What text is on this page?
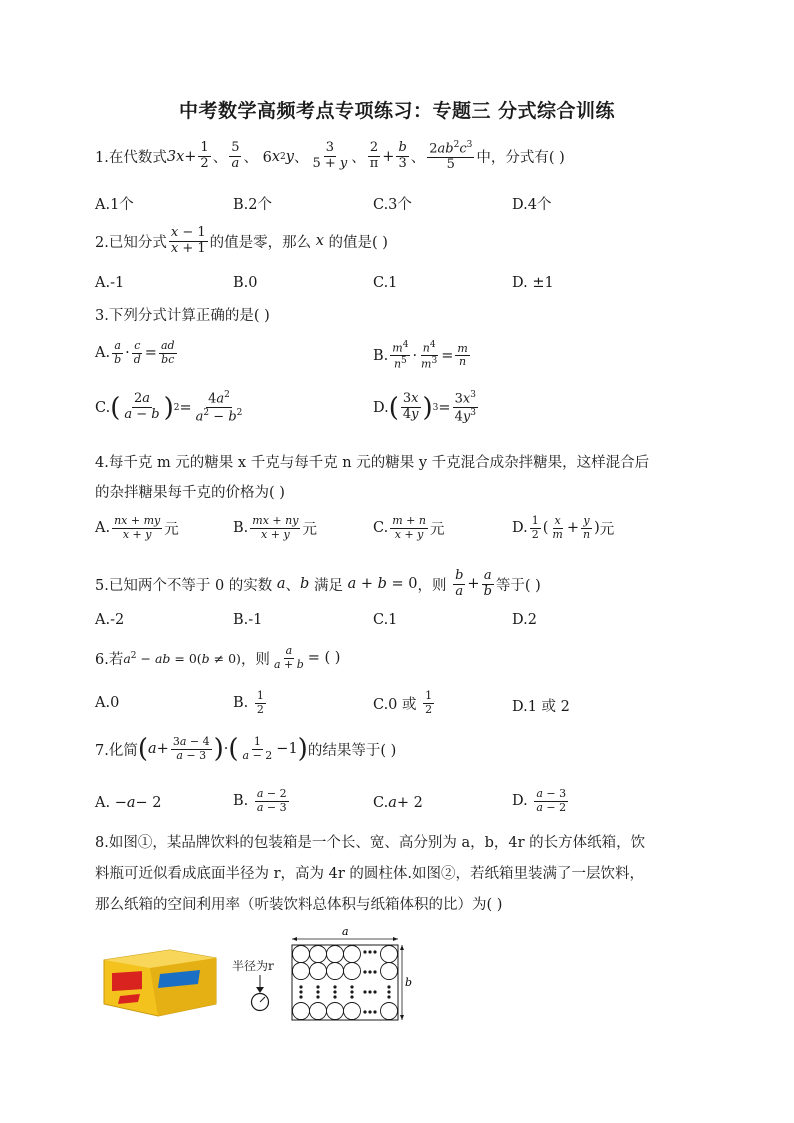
中考数学高频考点专项练习：专题三 分式综合训练
1.在代数式 $3x + \frac{1}{2}$ 、 $\frac{5}{a}$ 、 6 x 2 y 、 $\frac{3}{5 + y}$ 、 $\frac{2}{\pi} + \frac{b}{3}$ 、 $\frac{2ab^2c^3}{5}$ 中，分式有( )
A.1个	B.2个	C.3个	D.4个
2.已知分式 $\frac{x - 1}{x + 1}$ 的值是零，那么
x
的值是( )
A.-1	B.0	C.1	D. ±1
3.下列分式计算正确的是( )
A. $\frac{a}{b} \cdot \frac{c}{d} = \frac{ad}{bc}$	B. $\frac{m^4}{n^5} \cdot \frac{n^4}{m^3} = \frac{m}{n}$
C. ( $\frac{2a}{a - b}$ ) $2 = \frac{4a^2}{a^2 - b^2}$	D. ( $\frac{3x}{4y}$ ) $3 = \frac{3x^3}{4y^3}$
4.每千克 m 元的糖果 x 千克与每千克 n 元的糖果 y 千克混合成杂拌糖果，这样混合后
的杂拌糖果每千克的价格为( )
A. $\frac{nx + my}{x + y}$ 元	B. $\frac{mx + ny}{x + y}$ 元	C. $\frac{m + n}{x + y}$ 元	D. $\frac{1}{2}$ ( $\frac{x}{m} + \frac{y}{n}$ ) 元
5.已知两个不等于 0 的实数
a 、 b
满足
a + b = 0 ，则
$\frac{b}{a} + \frac{a}{b}$ 等于( )
A.-2	B.-1	C.1	D.2
6.若 $a^2$ − ab = 0(b ≠ 0) ，则 $\frac{a}{a + b}$ = ( )
A.0	B.
$\frac{1}{2}$	C.0 或
$\frac{1}{2}$	D.1 或 2
7.化简 ( $a + \frac{3a - 4}{a - 3}$ ) · ( $\frac{1}{a - 2} -1$ ) 的结果等于( )
A. − a − 2	B.
$\frac{a - 2}{a - 3}$	C. a + 2	D.
$\frac{a - 3}{a - 2}$
8.如图①，某品牌饮料的包装箱是一个长、宽、高分别为 a，b，4r 的长方体纸箱，饮
料瓶可近似看成底面半径为 r，高为 4r 的圆柱体.如图②，若纸箱里装满了一层饮料，
那么纸箱的空间利用率（听装饮料总体积与纸箱体积的比）为( )
半径为r
a
b
